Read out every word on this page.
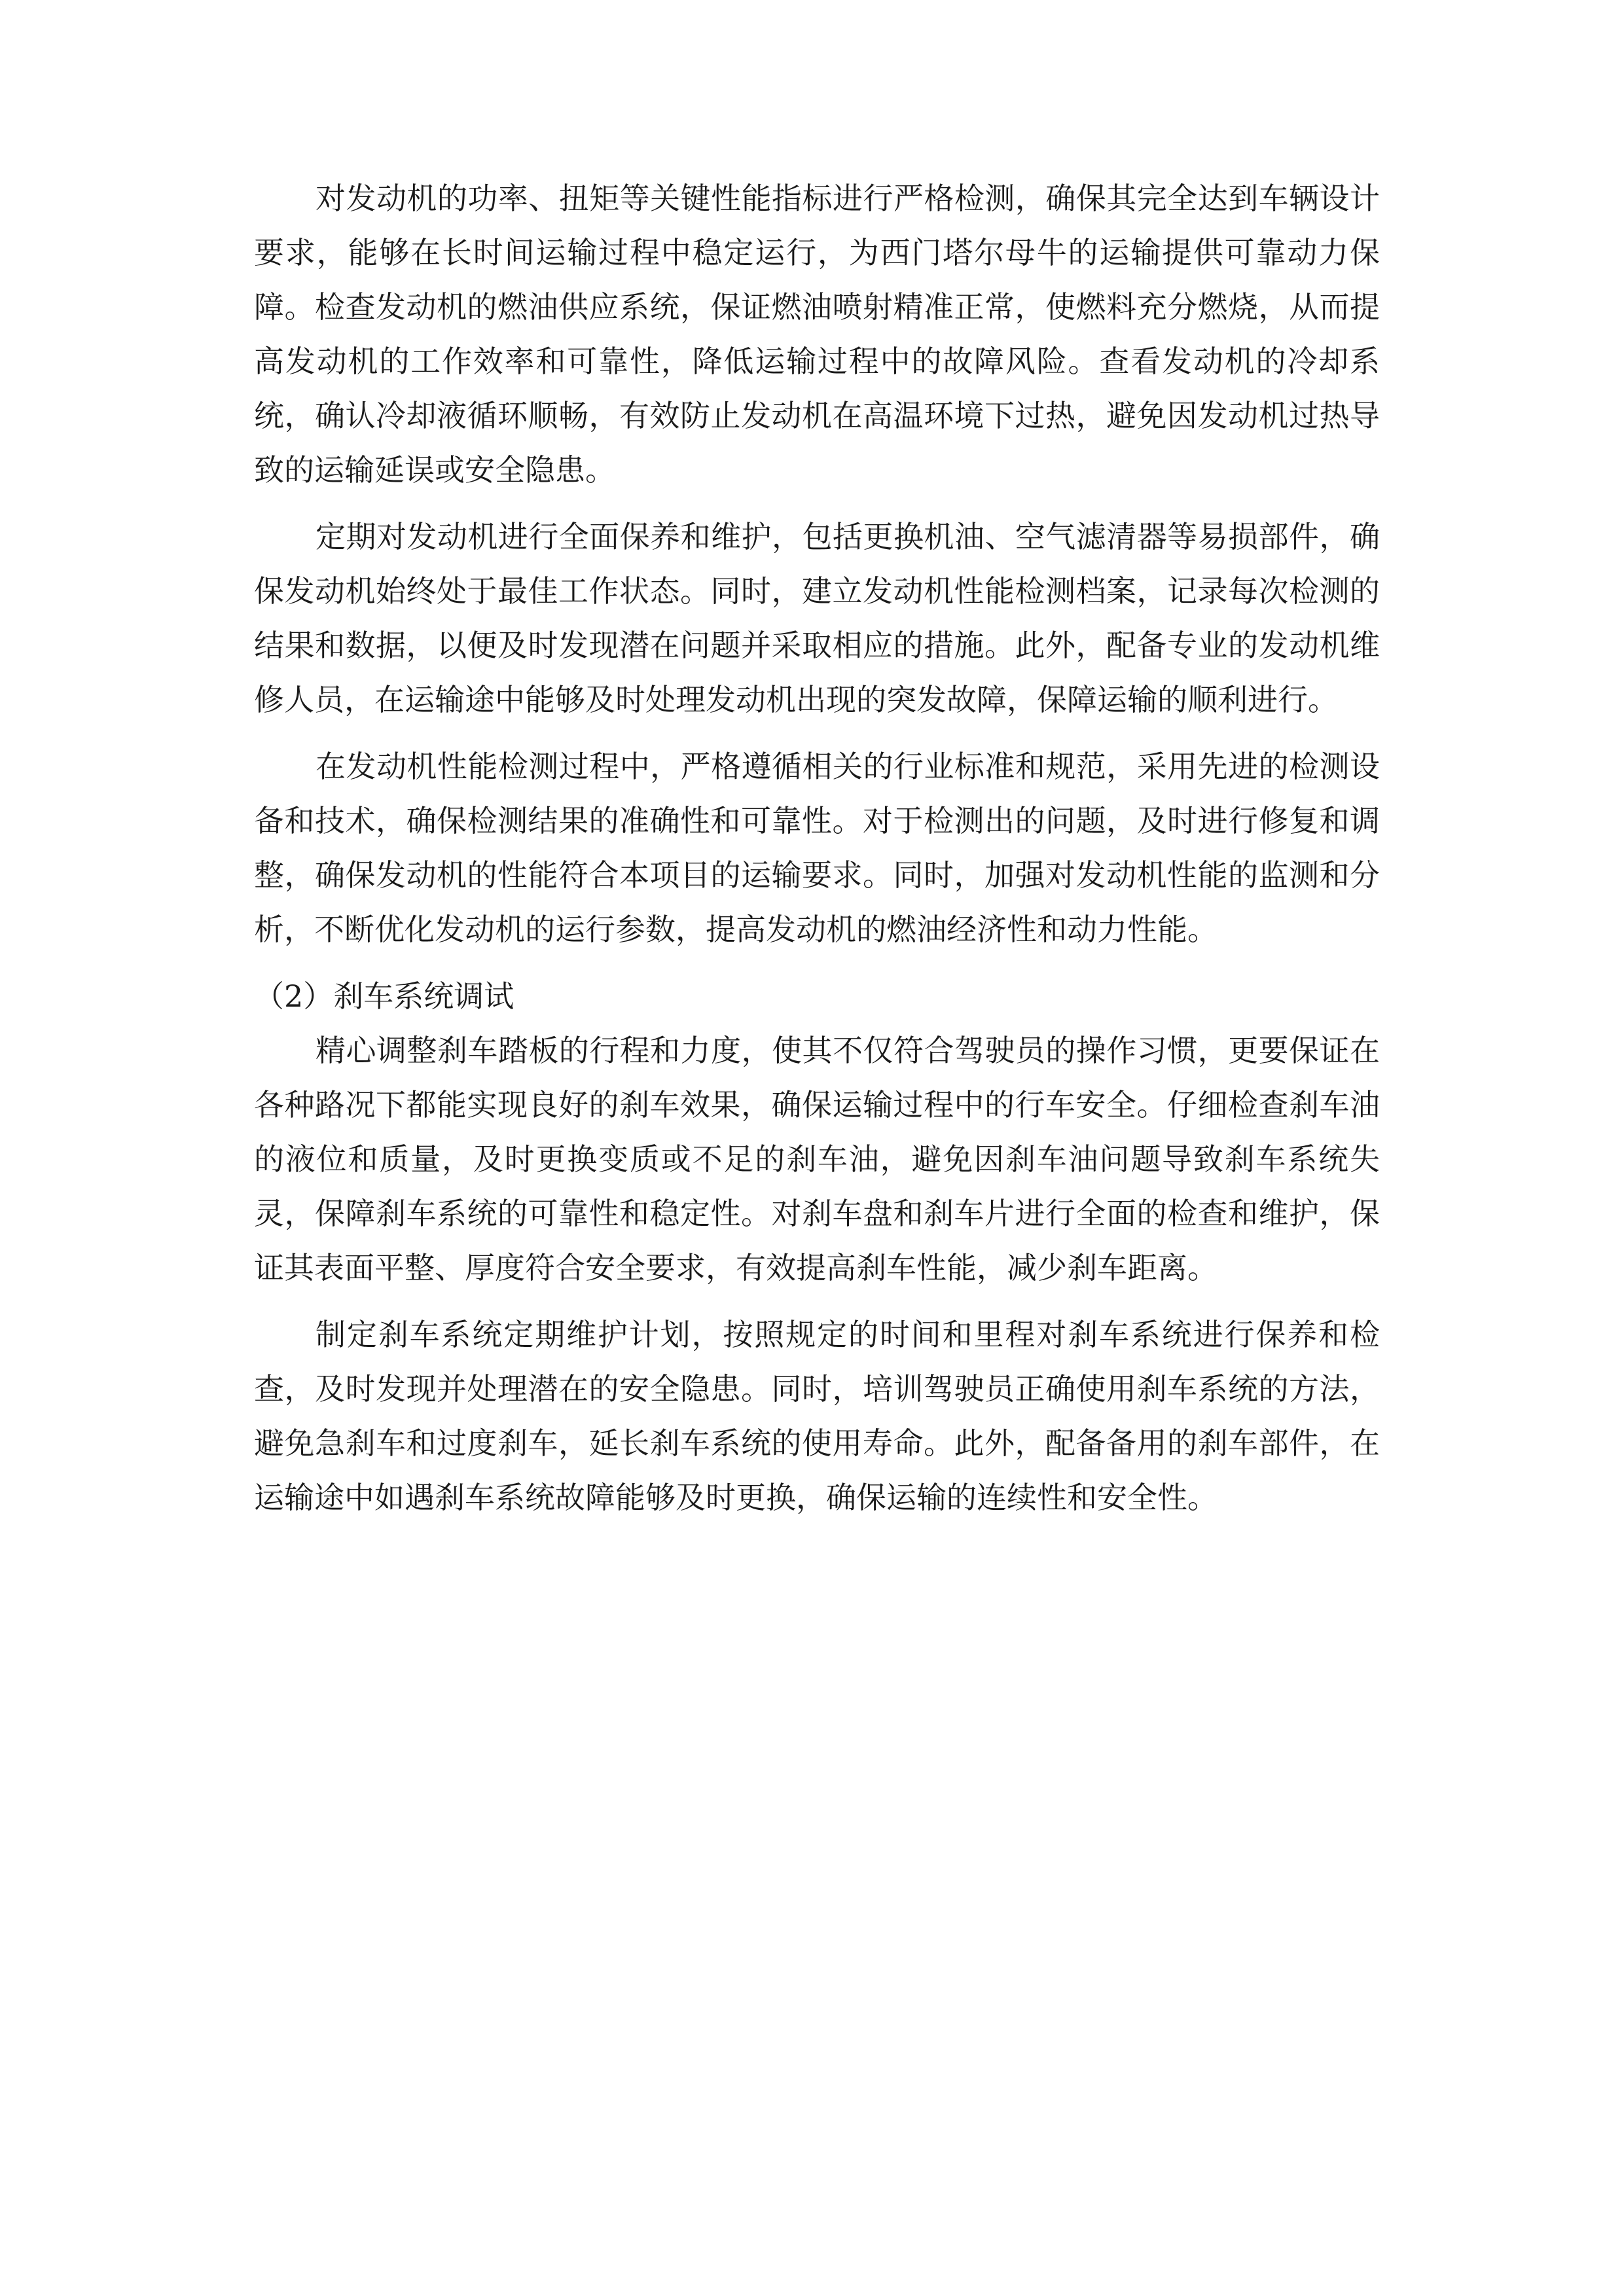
对发动机的功率、扭矩等关键性能指标进行严格检测，确保其完全达到车辆设计要求，能够在长时间运输过程中稳定运行，为西门塔尔母牛的运输提供可靠动力保障。检查发动机的燃油供应系统，保证燃油喷射精准正常，使燃料充分燃烧，从而提高发动机的工作效率和可靠性，降低运输过程中的故障风险。查看发动机的冷却系统，确认冷却液循环顺畅，有效防止发动机在高温环境下过热，避免因发动机过热导致的运输延误或安全隐患。

定期对发动机进行全面保养和维护，包括更换机油、空气滤清器等易损部件，确保发动机始终处于最佳工作状态。同时，建立发动机性能检测档案，记录每次检测的结果和数据，以便及时发现潜在问题并采取相应的措施。此外，配备专业的发动机维修人员，在运输途中能够及时处理发动机出现的突发故障，保障运输的顺利进行。

在发动机性能检测过程中，严格遵循相关的行业标准和规范，采用先进的检测设备和技术，确保检测结果的准确性和可靠性。对于检测出的问题，及时进行修复和调整，确保发动机的性能符合本项目的运输要求。同时，加强对发动机性能的监测和分析，不断优化发动机的运行参数，提高发动机的燃油经济性和动力性能。

（2）刹车系统调试

精心调整刹车踏板的行程和力度，使其不仅符合驾驶员的操作习惯，更要保证在各种路况下都能实现良好的刹车效果，确保运输过程中的行车安全。仔细检查刹车油的液位和质量，及时更换变质或不足的刹车油，避免因刹车油问题导致刹车系统失灵，保障刹车系统的可靠性和稳定性。对刹车盘和刹车片进行全面的检查和维护，保证其表面平整、厚度符合安全要求，有效提高刹车性能，减少刹车距离。

制定刹车系统定期维护计划，按照规定的时间和里程对刹车系统进行保养和检查，及时发现并处理潜在的安全隐患。同时，培训驾驶员正确使用刹车系统的方法，避免急刹车和过度刹车，延长刹车系统的使用寿命。此外，配备备用的刹车部件，在运输途中如遇刹车系统故障能够及时更换，确保运输的连续性和安全性。
